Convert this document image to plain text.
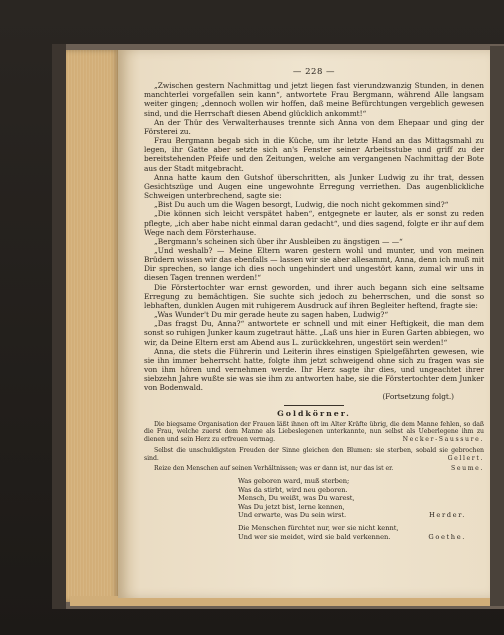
— 228 —

„Zwischen gestern Nachmittag und jetzt liegen fast vierundzwanzig Stunden, in denen manchterlei vorgefallen sein kann“, antwortete Frau Bergmann, während Alle langsam weiter gingen; „dennoch wollen wir hoffen, daß meine Befürchtungen vergeblich gewesen sind, und die Herrschaft diesen Abend glücklich ankommt!“

An der Thür des Verwalterhauses trennte sich Anna von dem Ehepaar und ging der Försterei zu.

Frau Bergmann begab sich in die Küche, um ihr letzte Hand an das Mittagsmahl zu legen, ihr Gatte aber setzte sich an's Fenster seiner Arbeitsstube und griff zu der bereitstehenden Pfeife und den Zeitungen, welche am vergangenen Nachmittag der Bote aus der Stadt mitgebracht.

Anna hatte kaum den Gutshof überschritten, als Junker Ludwig zu ihr trat, dessen Gesichtszüge und Augen eine ungewohnte Erregung verriethen. Das augenblickliche Schweigen unterbrechend, sagte sie:

„Bist Du auch um die Wagen besorgt, Ludwig, die noch nicht gekommen sind?“

„Die können sich leicht verspätet haben“, entgegnete er lauter, als er sonst zu reden pflegte, „ich aber habe nicht einmal daran gedacht“, und dies sagend, folgte er ihr auf dem Wege nach dem Försterhause.

„Bergmann's scheinen sich über ihr Ausbleiben zu ängstigen — —“

„Und weshalb? — Meine Eltern waren gestern wohl und munter, und von meinen Brüdern wissen wir das ebenfalls — lassen wir sie aber allesammt, Anna, denn ich muß mit Dir sprechen, so lange ich dies noch ungehindert und ungestört kann, zumal wir uns in diesen Tagen trennen werden!“

Die Förstertochter war ernst geworden, und ihrer auch begann sich eine seltsame Erregung zu bemächtigen. Sie suchte sich jedoch zu beherrschen, und die sonst so lebhaften, dunklen Augen mit ruhigerem Ausdruck auf ihren Begleiter heftend, fragte sie:

„Was Wunder't Du mir gerade heute zu sagen haben, Ludwig?“

„Das fragst Du, Anna?“ antwortete er schnell und mit einer Heftigkeit, die man dem sonst so ruhigen Junker kaum zugetraut hätte. „Laß uns hier in Euren Garten abbiegen, wo wir, da Deine Eltern erst am Abend aus L. zurückkehren, ungestört sein werden!“

Anna, die stets die Führerin und Leiterin ihres einstigen Spielgefährten gewesen, wie sie ihn immer beherrscht hatte, folgte ihm jetzt schweigend ohne sich zu fragen was sie von ihm hören und vernehmen werde. Ihr Herz sagte ihr dies, und ungeachtet ihrer siebzehn Jahre wußte sie was sie ihm zu antworten habe, sie die Förstertochter dem Junker von Bodenwald.

(Fortsetzung folgt.)
Goldkörner.

Die biegsame Organisation der Frauen läßt ihnen oft im Alter Kräfte übrig, die dem Manne fehlen, so daß die Frau, welche zuerst dem Manne als Liebeslegenen unterkannte, nun selbst als Ueberlegene ihm zu dienen und sein Herz zu erfreuen vermag.	Necker-Saussure.

Selbst die unschuldigsten Freuden der Sinne gleichen den Blumen: sie sterben, sobald sie gebrochen sind.	Gellert.

Reize den Menschen auf seinen Verhältnissen; was er dann ist, nur das ist er.	Seume.

Was geboren ward, muß sterben;
Was da stirbt, wird neu geboren.
Mensch, Du weißt, was Du warest,
Was Du jetzt bist, lerne kennen,
Und erwarte, was Du sein wirst.	Herder.
Die Menschen fürchtet nur, wer sie nicht kennt,
Und wer sie meidet, wird sie bald verkennen.	Goethe.
